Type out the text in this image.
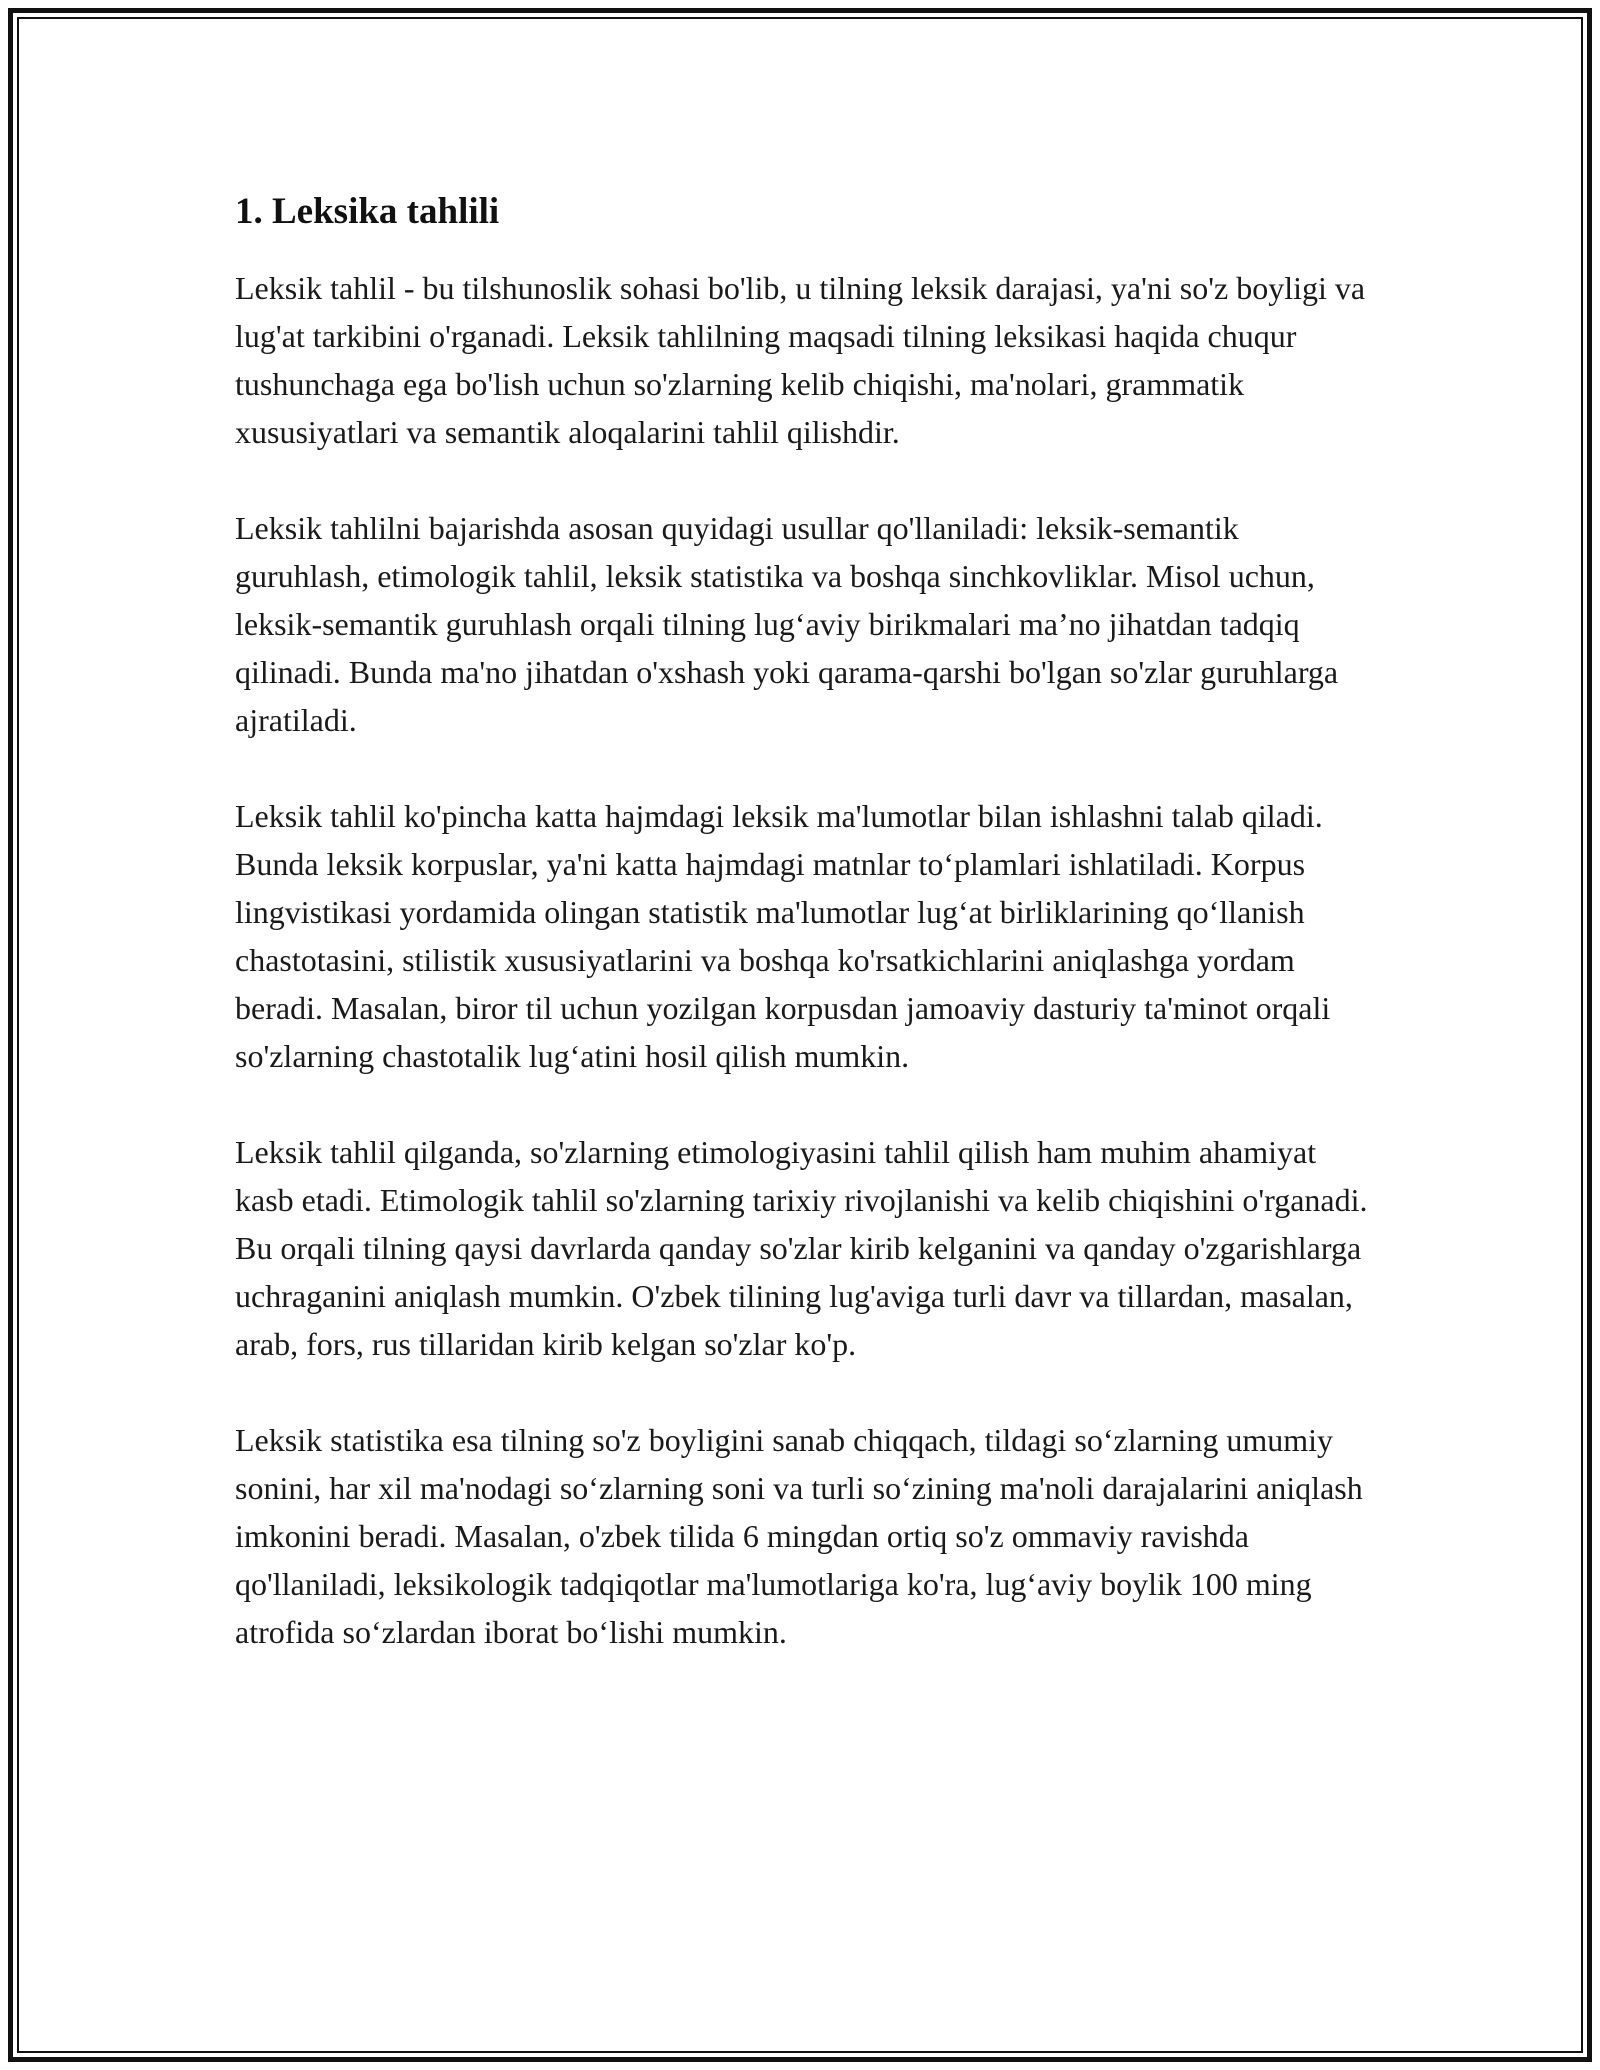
1. Leksika tahlili

Leksik tahlil - bu tilshunoslik sohasi bo'lib, u tilning leksik darajasi, ya'ni so'z boyligi va lug'at tarkibini o'rganadi. Leksik tahlilning maqsadi tilning leksikasi haqida chuqur tushunchaga ega bo'lish uchun so'zlarning kelib chiqishi, ma'nolari, grammatik xususiyatlari va semantik aloqalarini tahlil qilishdir.

Leksik tahlilni bajarishda asosan quyidagi usullar qo'llaniladi: leksik-semantik guruhlash, etimologik tahlil, leksik statistika va boshqa sinchkovliklar. Misol uchun, leksik-semantik guruhlash orqali tilning lug‘aviy birikmalari ma’no jihatdan tadqiq qilinadi. Bunda ma'no jihatdan o'xshash yoki qarama-qarshi bo'lgan so'zlar guruhlarga ajratiladi.

Leksik tahlil ko'pincha katta hajmdagi leksik ma'lumotlar bilan ishlashni talab qiladi. Bunda leksik korpuslar, ya'ni katta hajmdagi matnlar to‘plamlari ishlatiladi. Korpus lingvistikasi yordamida olingan statistik ma'lumotlar lug‘at birliklarining qo‘llanish chastotasini, stilistik xususiyatlarini va boshqa ko'rsatkichlarini aniqlashga yordam beradi. Masalan, biror til uchun yozilgan korpusdan jamoaviy dasturiy ta'minot orqali so'zlarning chastotalik lug‘atini hosil qilish mumkin.

Leksik tahlil qilganda, so'zlarning etimologiyasini tahlil qilish ham muhim ahamiyat kasb etadi. Etimologik tahlil so'zlarning tarixiy rivojlanishi va kelib chiqishini o'rganadi. Bu orqali tilning qaysi davrlarda qanday so'zlar kirib kelganini va qanday o'zgarishlarga uchraganini aniqlash mumkin. O'zbek tilining lug'aviga turli davr va tillardan, masalan, arab, fors, rus tillaridan kirib kelgan so'zlar ko'p.

Leksik statistika esa tilning so'z boyligini sanab chiqqach, tildagi so‘zlarning umumiy sonini, har xil ma'nodagi so‘zlarning soni va turli so‘zining ma'noli darajalarini aniqlash imkonini beradi. Masalan, o'zbek tilida 6 mingdan ortiq so'z ommaviy ravishda qo'llaniladi, leksikologik tadqiqotlar ma'lumotlariga ko'ra, lug‘aviy boylik 100 ming atrofida so‘zlardan iborat bo‘lishi mumkin.
